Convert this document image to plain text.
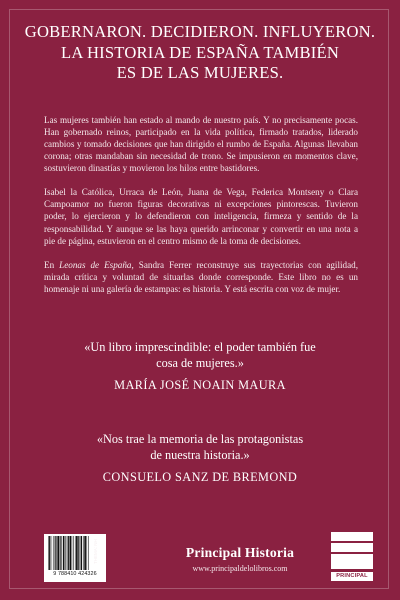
GOBERNARON. DECIDIERON. INFLUYERON.
LA HISTORIA DE ESPAÑA TAMBIÉN
ES DE LAS MUJERES.

Las mujeres también han estado al mando de nuestro país. Y no precisamente pocas. Han gobernado reinos, participado en la vida política, firmado tratados, liderado cambios y tomado decisiones que han dirigido el rumbo de España. Algunas llevaban corona; otras mandaban sin necesidad de trono. Se impusieron en momentos clave, sostuvieron dinastías y movieron los hilos entre bastidores.

Isabel la Católica, Urraca de León, Juana de Vega, Federica Montseny o Clara Campoamor no fueron figuras decorativas ni excepciones pintorescas. Tuvieron poder, lo ejercieron y lo defendieron con inteligencia, firmeza y sentido de la responsabilidad. Y aunque se las haya querido arrinconar y convertir en una nota a pie de página, estuvieron en el centro mismo de la toma de decisiones.

En Leonas de España, Sandra Ferrer reconstruye sus trayectorias con agilidad, mirada crítica y voluntad de situarlas donde corresponde. Este libro no es un homenaje ni una galería de estampas: es historia. Y está escrita con voz de mujer.

«Un libro imprescindible: el poder también fue
cosa de mujeres.»
MARÍA JOSÉ NOAIN MAURA
«Nos trae la memoria de las protagonistas
de nuestra historia.»
CONSUELO SANZ DE BREMOND
9 788410 424326
THEMA: NH	Principal Historia
www.principaldelolibros.com
PRINCIPAL
